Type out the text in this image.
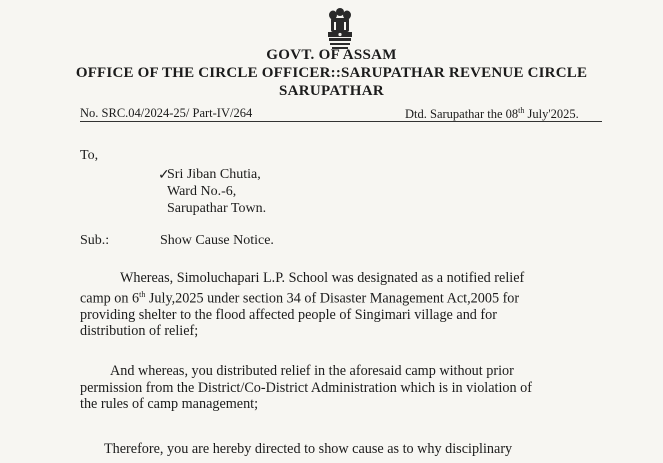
GOVT. OF ASSAM
OFFICE OF THE CIRCLE OFFICER::SARUPATHAR REVENUE CIRCLE
SARUPATHAR
No. SRC.04/2024-25/ Part-IV/264	Dtd. Sarupathar the 08th July'2025.
To,
✓
Sri Jiban Chutia,
Ward No.-6,
Sarupathar Town.
Sub.:	Show Cause Notice.
Whereas, Simoluchapari L.P. School was designated as a notified relief
camp on 6th July,2025 under section 34 of Disaster Management Act,2005 for
providing shelter to the flood affected people of Singimari village and for
distribution of relief;
And whereas, you distributed relief in the aforesaid camp without prior
permission from the District/Co-District Administration which is in violation of
the rules of camp management;
Therefore, you are hereby directed to show cause as to why disciplinary
